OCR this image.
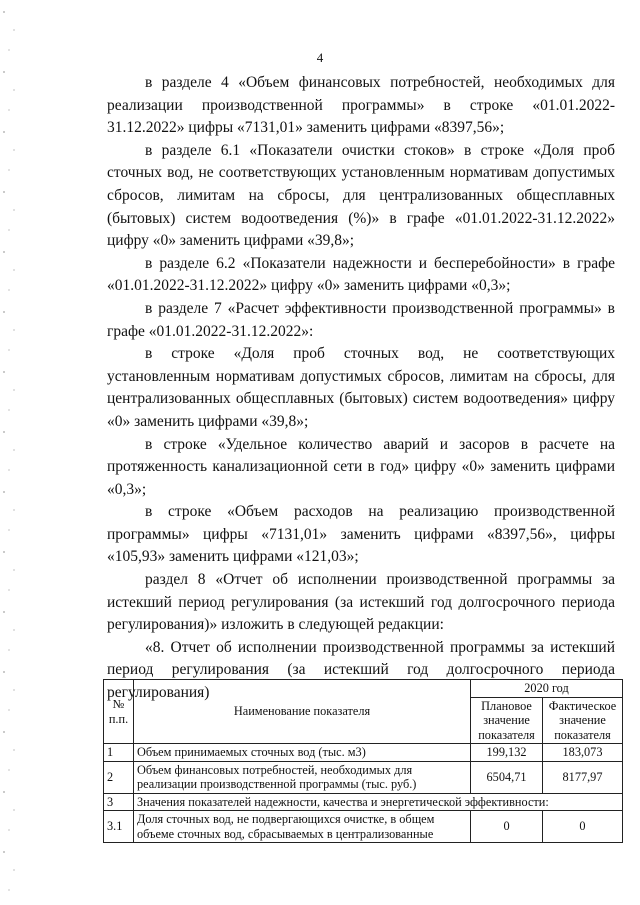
4

в разделе 4 «Объем финансовых потребностей, необходимых для реализации производственной программы» в строке «01.01.2022-31.12.2022» цифры «7131,01» заменить цифрами «8397,56»;

в разделе 6.1 «Показатели очистки стоков» в строке «Доля проб сточных вод, не соответствующих установленным нормативам допустимых сбросов, лимитам на сбросы, для централизованных общесплавных (бытовых) систем водоотведения (%)» в графе «01.01.2022-31.12.2022» цифру «0» заменить цифрами «39,8»;

в разделе 6.2 «Показатели надежности и бесперебойности» в графе «01.01.2022-31.12.2022» цифру «0» заменить цифрами «0,3»;

в разделе 7 «Расчет эффективности производственной программы» в графе «01.01.2022-31.12.2022»:

в строке «Доля проб сточных вод, не соответствующих установленным нормативам допустимых сбросов, лимитам на сбросы, для централизованных общесплавных (бытовых) систем водоотведения» цифру «0» заменить цифрами «39,8»;

в строке «Удельное количество аварий и засоров в расчете на протяженность канализационной сети в год» цифру «0» заменить цифрами «0,3»;

в строке «Объем расходов на реализацию производственной программы» цифры «7131,01» заменить цифрами «8397,56», цифры «105,93» заменить цифрами «121,03»;

раздел 8 «Отчет об исполнении производственной программы за истекший период регулирования (за истекший год долгосрочного периода регулирования)» изложить в следующей редакции:

«8. Отчет об исполнении производственной программы за истекший период регулирования (за истекший год долгосрочного периода регулирования)

№ п.п.	Наименование показателя	2020 год	
		Плановое значение показателя	Фактическое значение показателя
1	Объем принимаемых сточных вод (тыс. м3)	199,132	183,073
2	Объем финансовых потребностей, необходимых для реализации производственной программы (тыс. руб.)	6504,71	8177,97
3	Значения показателей надежности, качества и энергетической эффективности:		
3.1	Доля сточных вод, не подвергающихся очистке, в общем объеме сточных вод, сбрасываемых в централизованные	0	0
